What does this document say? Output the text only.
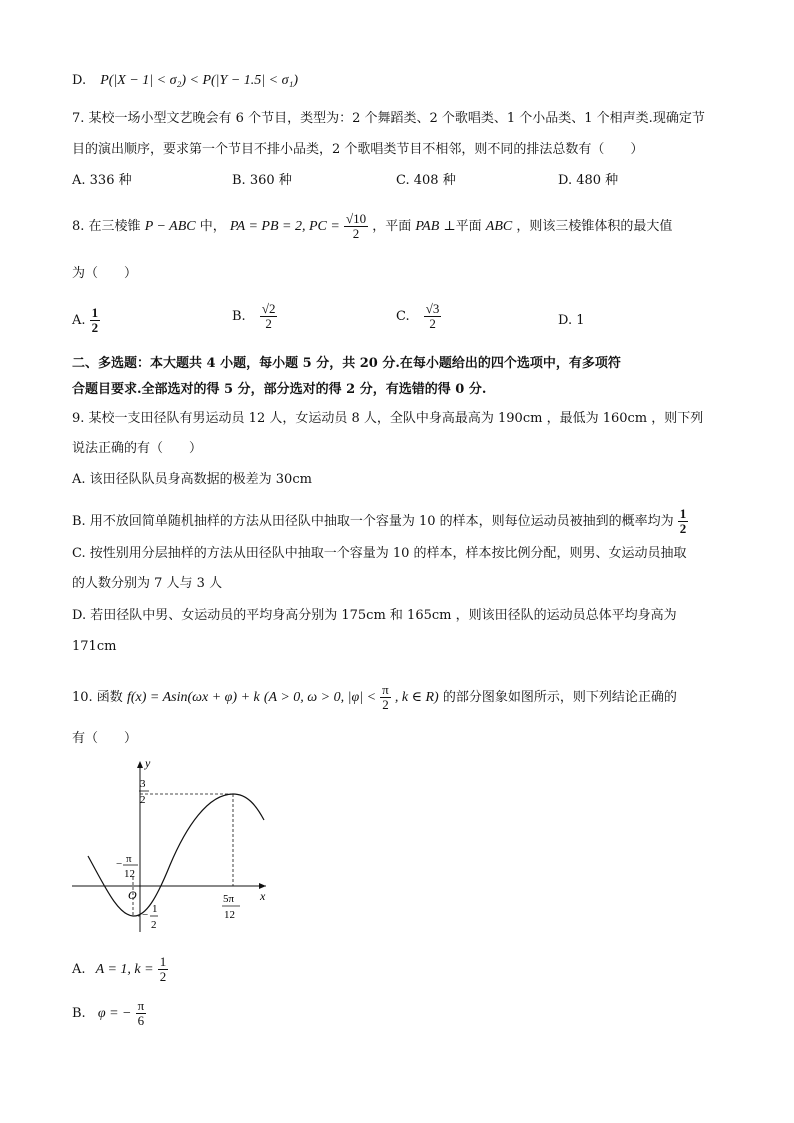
D. P(|X − 1| < σ₂) < P(|Y − 1.5| < σ₁)
7. 某校一场小型文艺晚会有 6 个节目，类型为：2 个舞蹈类、2 个歌唱类、1 个小品类、1 个相声类.现确定节
目的演出顺序，要求第一个节目不排小品类，2 个歌唱类节目不相邻，则不同的排法总数有（　　）
A. 336 种	B. 360 种	C. 408 种	D. 480 种
8. 在三棱锥 P − ABC 中， PA = PB = 2, PC = $\frac{√10}{2}$ ，平面 PAB ⊥平面 ABC ，则该三棱锥体积的最大值
为（　　）
A. $\frac{1}{2}$	B. $\frac{√2}{2}$	C. $\frac{√3}{2}$	D. 1
二、多选题：本大题共 4 小题，每小题 5 分，共 20 分.在每小题给出的四个选项中，有多项符
合题目要求.全部选对的得 5 分，部分选对的得 2 分，有选错的得 0 分.
9. 某校一支田径队有男运动员 12 人，女运动员 8 人，全队中身高最高为 190cm ，最低为 160cm ，则下列
说法正确的有（　　）
A. 该田径队队员身高数据的极差为 30cm
B. 用不放回简单随机抽样的方法从田径队中抽取一个容量为 10 的样本，则每位运动员被抽到的概率均为 $\frac{1}{2}$
C. 按性别用分层抽样的方法从田径队中抽取一个容量为 10 的样本，样本按比例分配，则男、女运动员抽取
的人数分别为 7 人与 3 人
D. 若田径队中男、女运动员的平均身高分别为 175cm 和 165cm ，则该田径队的运动员总体平均身高为
171cm
10. 函数 f(x) = Asin(ωx + φ) + k (A > 0, ω > 0, $|\varphi| < \frac{\pi}{2}$ , k ∈ R) 的部分图象如图所示，则下列结论正确的
有（　　）
y
x
O
3
2
− π
12
− 1
2
5π
12
A. A = 1, $k = \frac{1}{2}$
B. φ = − $\frac{\pi}{6}$
